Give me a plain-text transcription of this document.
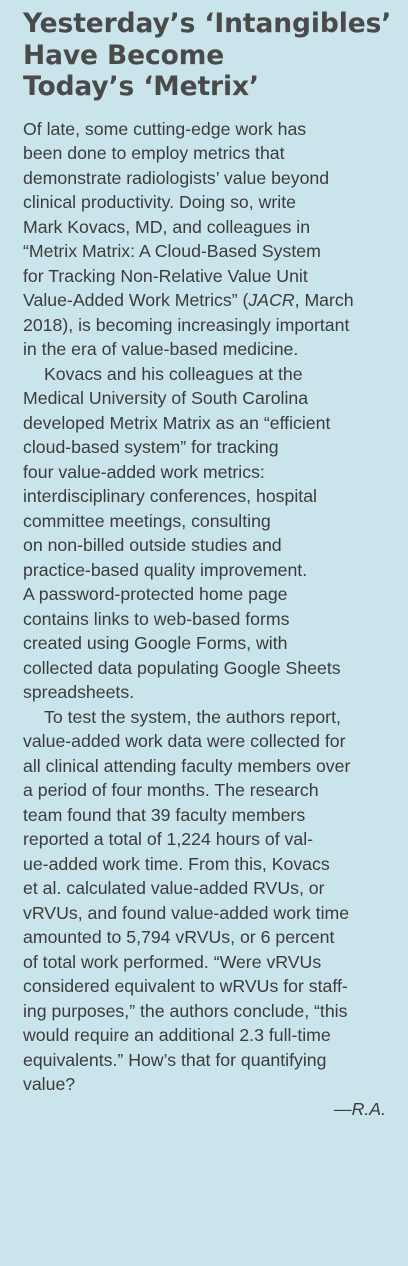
Yesterday’s ‘Intangibles’
Have Become
Today’s ‘Metrix’
Of late, some cutting-edge work has
been done to employ metrics that
demonstrate radiologists’ value beyond
clinical productivity. Doing so, write
Mark Kovacs, MD, and colleagues in
“Metrix Matrix: A Cloud-Based System
for Tracking Non-Relative Value Unit
Value-Added Work Metrics” (JACR, March
2018), is becoming increasingly important
in the era of value-based medicine.
Kovacs and his colleagues at the
Medical University of South Carolina
developed Metrix Matrix as an “efficient
cloud-based system” for tracking
four value-added work metrics:
interdisciplinary conferences, hospital
committee meetings, consulting
on non-billed outside studies and
practice-based quality improvement.
A password-protected home page
contains links to web-based forms
created using Google Forms, with
collected data populating Google Sheets
spreadsheets.
To test the system, the authors report,
value-added work data were collected for
all clinical attending faculty members over
a period of four months. The research
team found that 39 faculty members
reported a total of 1,224 hours of val-
ue-added work time. From this, Kovacs
et al. calculated value-added RVUs, or
vRVUs, and found value-added work time
amounted to 5,794 vRVUs, or 6 percent
of total work performed. “Were vRVUs
considered equivalent to wRVUs for staff-
ing purposes,” the authors conclude, “this
would require an additional 2.3 full-time
equivalents.” How’s that for quantifying
value?
—R.A.
